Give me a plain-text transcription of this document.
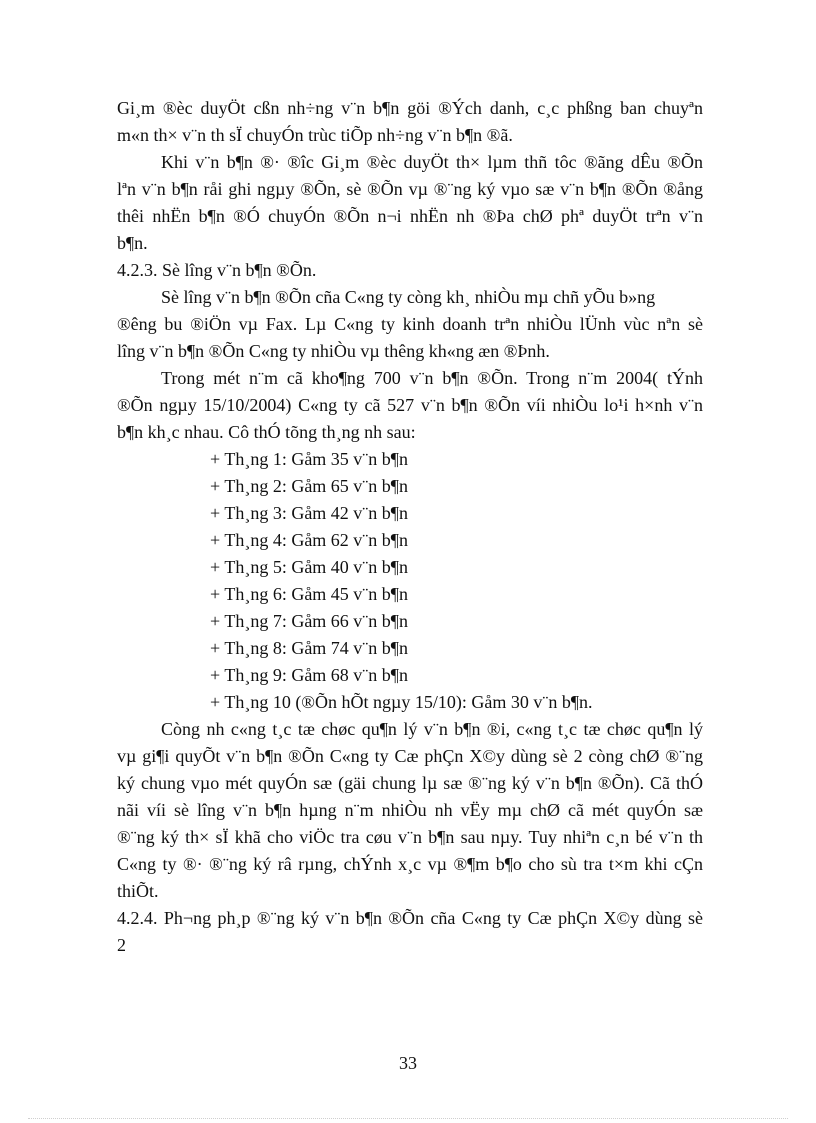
Gi¸m ®èc duyÖt cßn nh÷ng v¨n b¶n göi ®Ých danh, c¸c phßng ban chuyªn
m«n th× v¨n th sÏ chuyÓn trùc tiÕp nh÷ng v¨n b¶n ®ã.
Khi v¨n b¶n ®· ®îc Gi¸m ®èc duyÖt th× lµm thñ tôc ®ãng dÊu ®Õn
lªn v¨n b¶n råi ghi ngµy ®Õn, sè ®Õn vµ ®¨ng ký vµo sæ v¨n b¶n ®Õn ®ång
thêi nhËn b¶n ®Ó chuyÓn ®Õn n¬i nhËn nh ®Þa chØ phª duyÖt trªn v¨n
b¶n.
4.2.3. Sè lîng v¨n b¶n ®Õn.
Sè lîng v¨n b¶n ®Õn cña C«ng ty còng kh¸ nhiÒu mµ chñ yÕu b»ng
®êng bu ®iÖn vµ Fax. Lµ C«ng ty kinh doanh trªn nhiÒu lÜnh vùc nªn sè
lîng v¨n b¶n ®Õn C«ng ty nhiÒu vµ thêng kh«ng æn ®Þnh.
Trong mét n¨m cã kho¶ng 700 v¨n b¶n ®Õn. Trong n¨m 2004( tÝnh
®Õn ngµy 15/10/2004) C«ng ty cã 527 v¨n b¶n ®Õn víi nhiÒu lo¹i h×nh v¨n
b¶n kh¸c nhau. Cô thÓ tõng th¸ng nh sau:
+ Th¸ng 1: Gåm 35 v¨n b¶n
+ Th¸ng 2: Gåm 65 v¨n b¶n
+ Th¸ng 3: Gåm 42 v¨n b¶n
+ Th¸ng 4: Gåm 62 v¨n b¶n
+ Th¸ng 5: Gåm 40 v¨n b¶n
+ Th¸ng 6: Gåm 45 v¨n b¶n
+ Th¸ng 7: Gåm 66 v¨n b¶n
+ Th¸ng 8: Gåm 74 v¨n b¶n
+ Th¸ng 9: Gåm 68 v¨n b¶n
+ Th¸ng 10 (®Õn hÕt ngµy 15/10): Gåm 30 v¨n b¶n.
Còng nh c«ng t¸c tæ chøc qu¶n lý v¨n b¶n ®i, c«ng t¸c tæ chøc qu¶n lý
vµ gi¶i quyÕt v¨n b¶n ®Õn C«ng ty Cæ phÇn X©y dùng sè 2 còng chØ ®¨ng
ký chung vµo mét quyÓn sæ (gäi chung lµ sæ ®¨ng ký v¨n b¶n ®Õn). Cã thÓ
nãi víi sè lîng v¨n b¶n hµng n¨m nhiÒu nh vËy mµ chØ cã mét quyÓn sæ
®¨ng ký th× sÏ khã cho viÖc tra cøu v¨n b¶n sau nµy. Tuy nhiªn c¸n bé v¨n th
C«ng ty ®· ®¨ng ký râ rµng, chÝnh x¸c vµ ®¶m b¶o cho sù tra t×m khi cÇn
thiÕt.
4.2.4. Ph¬ng ph¸p ®¨ng ký v¨n b¶n ®Õn cña C«ng ty Cæ phÇn X©y dùng sè
2
33
